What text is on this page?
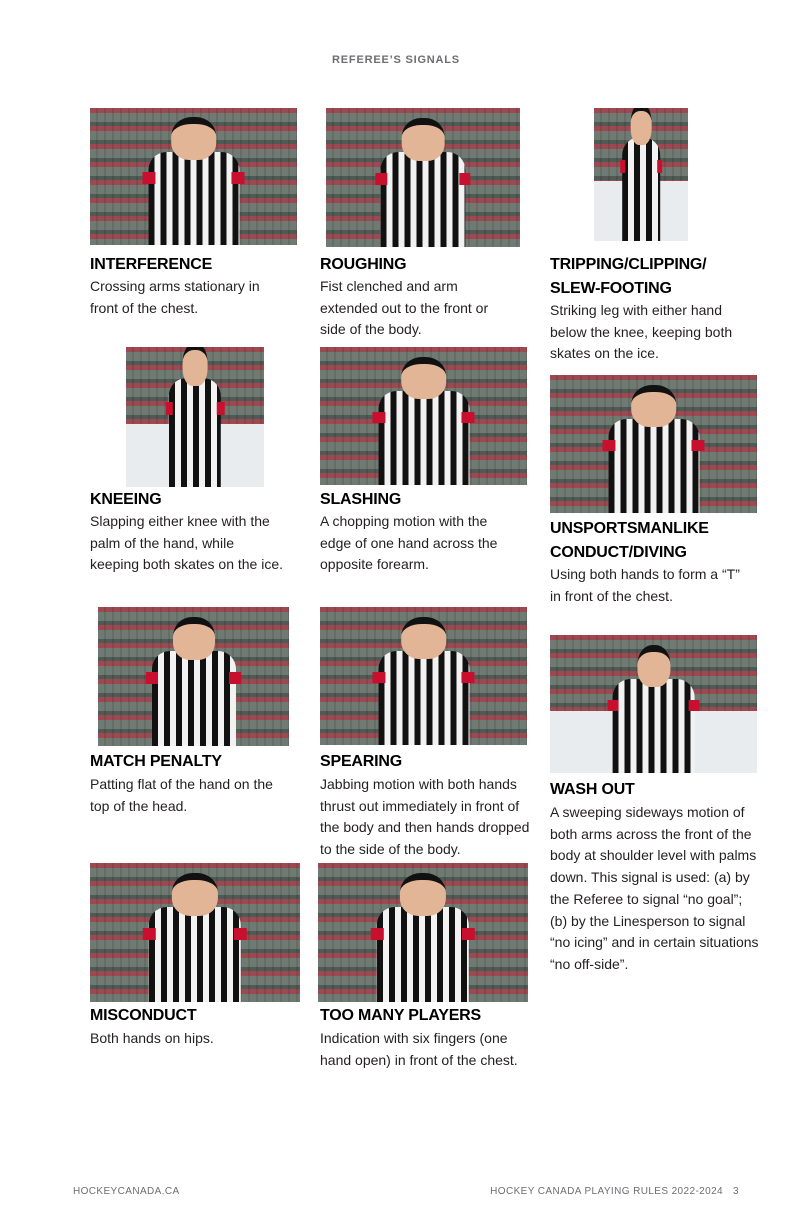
REFEREE’S SIGNALS
INTERFERENCE
Crossing arms stationary in front of the chest.
ROUGHING
Fist clenched and arm extended out to the front or side of the body.
TRIPPING/CLIPPING/ SLEW-FOOTING
Striking leg with either hand below the knee, keeping both skates on the ice.
KNEEING
Slapping either knee with the palm of the hand, while keeping both skates on the ice.
SLASHING
A chopping motion with the edge of one hand across the opposite forearm.
UNSPORTSMANLIKE CONDUCT/DIVING
Using both hands to form a “T” in front of the chest.
MATCH PENALTY
Patting flat of the hand on the top of the head.
SPEARING
Jabbing motion with both hands thrust out immediately in front of the body and then hands dropped to the side of the body.
WASH OUT
A sweeping sideways motion of both arms across the front of the body at shoulder level with palms down. This signal is used: (a) by the Referee to signal “no goal”; (b) by the Linesperson to signal “no icing” and in certain situations “no off-side”.
MISCONDUCT
Both hands on hips.
TOO MANY PLAYERS
Indication with six fingers (one hand open) in front of the chest.
HOCKEYCANADA.CA	HOCKEY CANADA PLAYING RULES 2022-2024 3
